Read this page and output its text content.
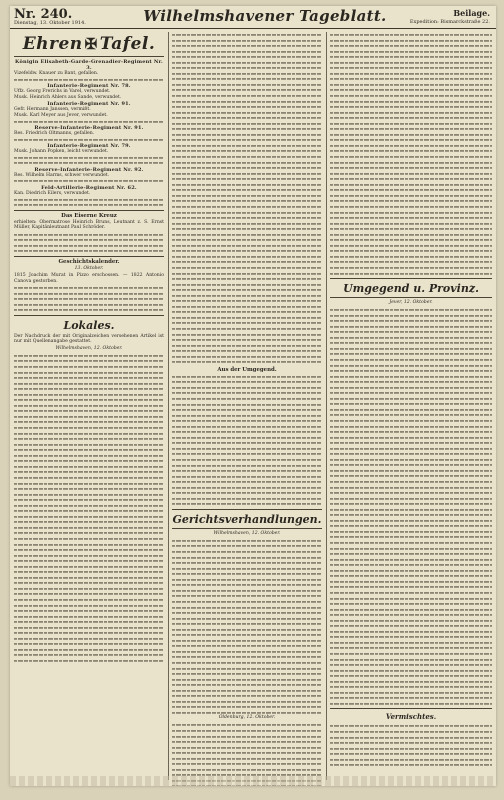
Nr. 240.
Dienstag, 13. Oktober 1914.	Wilhelmshavener Tageblatt.	Beilage.
Expedition: Bismarckstraße 22.
Ehren ✠ Tafel.
Königin Elisabeth-Garde-Grenadier-Regiment Nr. 3.
Vizefeldw. Knauer zu Bant, gefallen.
Infanterie-Regiment Nr. 78.
Uffz. Georg Frerichs in Varel, verwundet.
Musk. Heinrich Ahlers aus Sande, verwundet.
Infanterie-Regiment Nr. 91.
Gefr. Hermann Janssen, vermißt.
Musk. Karl Meyer aus Jever, verwundet.
Reserve-Infanterie-Regiment Nr. 91.
Res. Friedrich Oltmanns, gefallen.
Infanterie-Regiment Nr. 79.
Musk. Johann Popken, leicht verwundet.
Reserve-Infanterie-Regiment Nr. 92.
Res. Wilhelm Harms, schwer verwundet.
Feld-Artillerie-Regiment Nr. 62.
Kan. Diedrich Eilers, verwundet.
Das Eiserne Kreuz
erhielten: Obermatrose Heinrich Bruns, Leutnant z. S. Ernst Müller, Kapitänleutnant Paul Schröder.
Geschichtskalender.
13. Oktober.
1815 Joachim Murat in Pizzo erschossen. — 1822 Antonio Canova gestorben.
Lokales.
Der Nachdruck der mit Originalzeichen versehenen Artikel ist nur mit Quellenangabe gestattet.
Wilhelmshaven, 12. Oktober.
Aus der Umgegend.
Gerichtsverhandlungen.
Wilhelmshaven, 12. Oktober.
Oldenburg, 12. Oktober.
Umgegend u. Provinz.
Jever, 12. Oktober.
Vermischtes.
